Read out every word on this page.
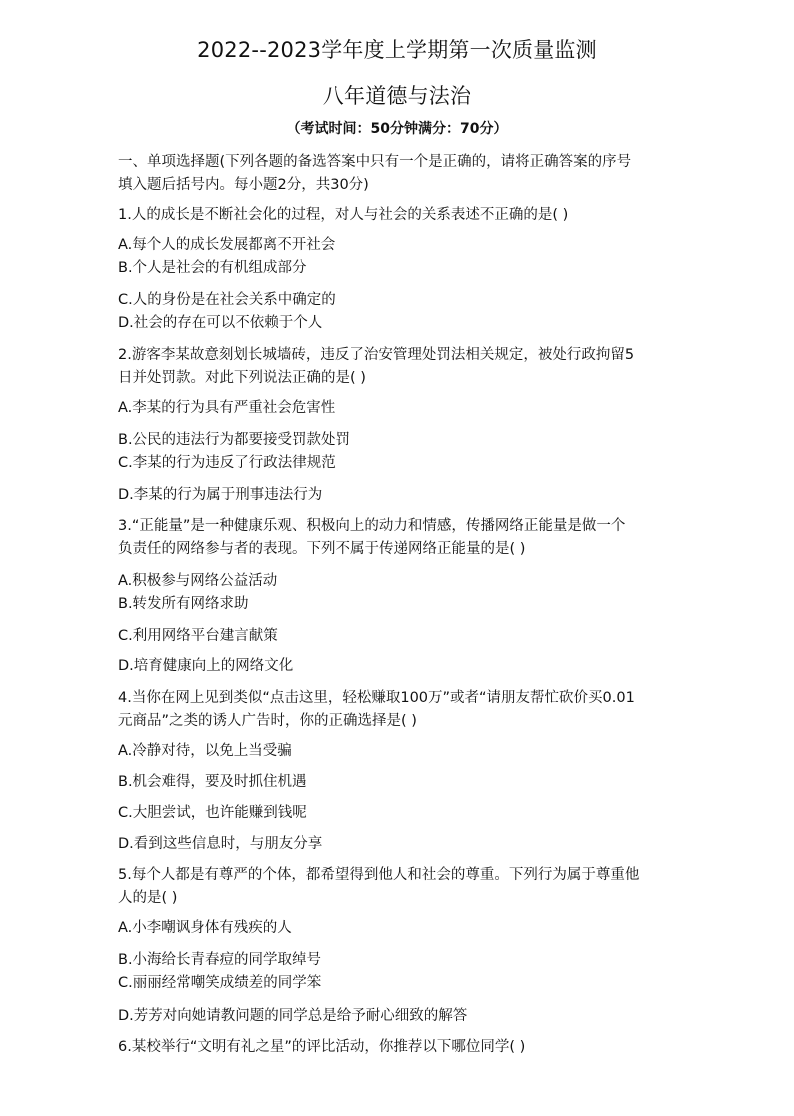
2022--2023学年度上学期第一次质量监测
八年道德与法治
（考试时间：50分钟满分：70分）
一、单项选择题(下列各题的备选答案中只有一个是正确的，请将正确答案的序号
填入题后括号内。每小题2分，共30分)
1.人的成长是不断社会化的过程，对人与社会的关系表述不正确的是( )
A.每个人的成长发展都离不开社会
B.个人是社会的有机组成部分
C.人的身份是在社会关系中确定的
D.社会的存在可以不依赖于个人
2.游客李某故意刻划长城墙砖，违反了治安管理处罚法相关规定，被处行政拘留5
日并处罚款。对此下列说法正确的是( )
A.李某的行为具有严重社会危害性
B.公民的违法行为都要接受罚款处罚
C.李某的行为违反了行政法律规范
D.李某的行为属于刑事违法行为
3.“正能量”是一种健康乐观、积极向上的动力和情感，传播网络正能量是做一个
负责任的网络参与者的表现。下列不属于传递网络正能量的是( )
A.积极参与网络公益活动
B.转发所有网络求助
C.利用网络平台建言献策
D.培育健康向上的网络文化
4.当你在网上见到类似“点击这里，轻松赚取100万”或者“请朋友帮忙砍价买0.01
元商品”之类的诱人广告时，你的正确选择是( )
A.冷静对待，以免上当受骗
B.机会难得，要及时抓住机遇
C.大胆尝试，也许能赚到钱呢
D.看到这些信息时，与朋友分享
5.每个人都是有尊严的个体，都希望得到他人和社会的尊重。下列行为属于尊重他
人的是( )
A.小李嘲讽身体有残疾的人
B.小海给长青春痘的同学取绰号
C.丽丽经常嘲笑成绩差的同学笨
D.芳芳对向她请教问题的同学总是给予耐心细致的解答
6.某校举行“文明有礼之星”的评比活动，你推荐以下哪位同学( )
